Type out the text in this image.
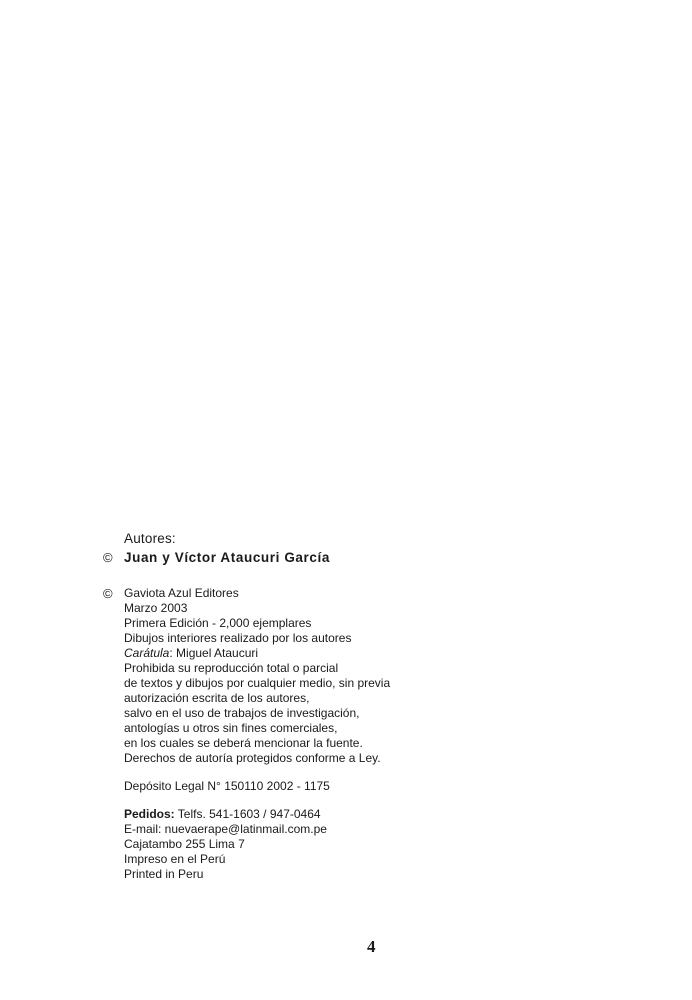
Autores:
© Juan y Víctor Ataucuri García
© Gaviota Azul Editores
Marzo 2003
Primera Edición - 2,000 ejemplares
Dibujos interiores realizado por los autores
Carátula: Miguel Ataucuri
Prohibida su reproducción total o parcial
de textos y dibujos por cualquier medio, sin previa
autorización escrita de los autores,
salvo en el uso de trabajos de investigación,
antologías u otros sin fines comerciales,
en los cuales se deberá mencionar la fuente.
Derechos de autoría protegidos conforme a Ley.
Depósito Legal N° 150110 2002 - 1175
Pedidos: Telfs. 541-1603 / 947-0464
E-mail: nuevaerape@latinmail.com.pe
Cajatambo 255 Lima 7
Impreso en el Perú
Printed in Peru
4
